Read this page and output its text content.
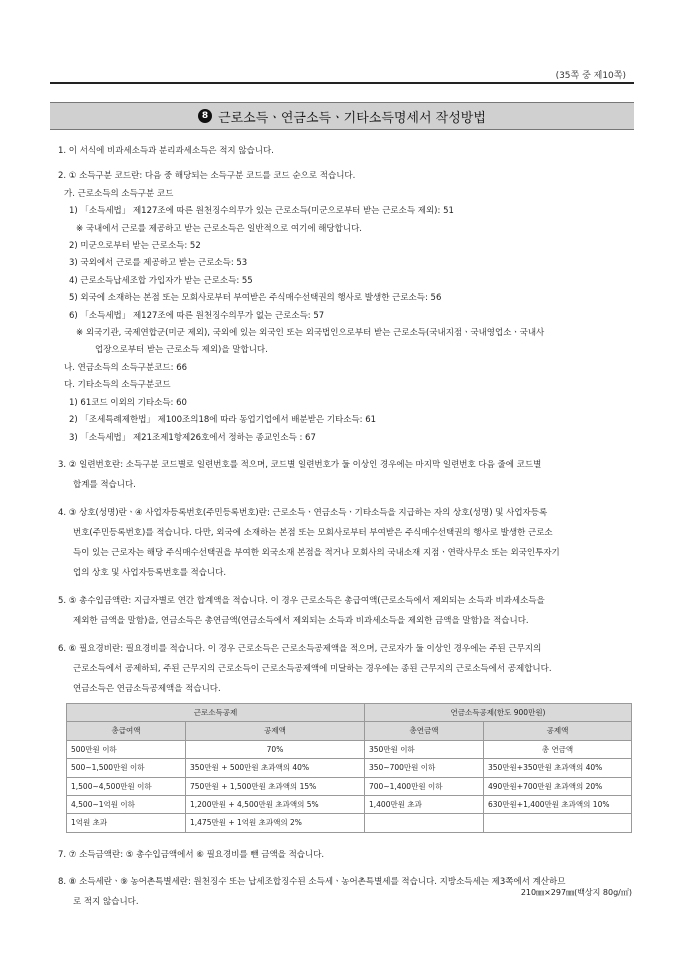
(35쪽 중 제10쪽)
8 근로소득ㆍ연금소득ㆍ기타소득명세서 작성방법
1. 이 서식에 비과세소득과 분리과세소득은 적지 않습니다.
2. ① 소득구분 코드란: 다음 중 해당되는 소득구분 코드를 코드 순으로 적습니다.
가. 근로소득의 소득구분 코드
1) 「소득세법」 제127조에 따른 원천징수의무가 있는 근로소득(미군으로부터 받는 근로소득 제외): 51
※ 국내에서 근로를 제공하고 받는 근로소득은 일반적으로 여기에 해당합니다.
2) 미군으로부터 받는 근로소득: 52
3) 국외에서 근로를 제공하고 받는 근로소득: 53
4) 근로소득납세조합 가입자가 받는 근로소득: 55
5) 외국에 소재하는 본점 또는 모회사로부터 부여받은 주식매수선택권의 행사로 발생한 근로소득: 56
6) 「소득세법」 제127조에 따른 원천징수의무가 없는 근로소득: 57
※ 외국기관, 국제연합군(미군 제외), 국외에 있는 외국인 또는 외국법인으로부터 받는 근로소득(국내지점ㆍ국내영업소ㆍ국내사
업장으로부터 받는 근로소득 제외)을 말합니다.
나. 연금소득의 소득구분코드: 66
다. 기타소득의 소득구분코드
1) 61코드 이외의 기타소득: 60
2) 「조세특례제한법」 제100조의18에 따라 동업기업에서 배분받은 기타소득: 61
3) 「소득세법」 제21조제1항제26호에서 정하는 종교인소득 : 67
3. ② 일련번호란: 소득구분 코드별로 일련번호를 적으며, 코드별 일련번호가 둘 이상인 경우에는 마지막 일련번호 다음 줄에 코드별
합계를 적습니다.
4. ③ 상호(성명)란ㆍ④ 사업자등록번호(주민등록번호)란: 근로소득ㆍ연금소득ㆍ기타소득을 지급하는 자의 상호(성명) 및 사업자등록
번호(주민등록번호)를 적습니다. 다만, 외국에 소재하는 본점 또는 모회사로부터 부여받은 주식매수선택권의 행사로 발생한 근로소
득이 있는 근로자는 해당 주식매수선택권을 부여한 외국소재 본점을 적거나 모회사의 국내소재 지점ㆍ연락사무소 또는 외국인투자기
업의 상호 및 사업자등록번호를 적습니다.
5. ⑤ 총수입금액란: 지급자별로 연간 합계액을 적습니다. 이 경우 근로소득은 총급여액(근로소득에서 제외되는 소득과 비과세소득을
제외한 금액을 말함)을, 연금소득은 총연금액(연금소득에서 제외되는 소득과 비과세소득을 제외한 금액을 말함)을 적습니다.
6. ⑥ 필요경비란: 필요경비를 적습니다. 이 경우 근로소득은 근로소득공제액을 적으며, 근로자가 둘 이상인 경우에는 주된 근무지의
근로소득에서 공제하되, 주된 근무지의 근로소득이 근로소득공제액에 미달하는 경우에는 종된 근무지의 근로소득에서 공제합니다.
연금소득은 연금소득공제액을 적습니다.
근로소득공제		연금소득공제(한도 900만원)	
총급여액	공제액	총연금액	공제액
500만원 이하	70%	350만원 이하	총 연금액
500~1,500만원 이하	350만원 + 500만원 초과액의 40%	350~700만원 이하	350만원+350만원 초과액의 40%
1,500~4,500만원 이하	750만원 + 1,500만원 초과액의 15%	700~1,400만원 이하	490만원+700만원 초과액의 20%
4,500~1억원 이하	1,200만원 + 4,500만원 초과액의 5%	1,400만원 초과	630만원+1,400만원 초과액의 10%
1억원 초과	1,475만원 + 1억원 초과액의 2%		
7. ⑦ 소득금액란: ⑤ 총수입금액에서 ⑥ 필요경비를 뺀 금액을 적습니다.
8. ⑧ 소득세란ㆍ⑨ 농어촌특별세란: 원천징수 또는 납세조합징수된 소득세ㆍ농어촌특별세를 적습니다. 지방소득세는 제3쪽에서 계산하므
로 적지 않습니다.
210㎜×297㎜(백상지 80g/㎡)
